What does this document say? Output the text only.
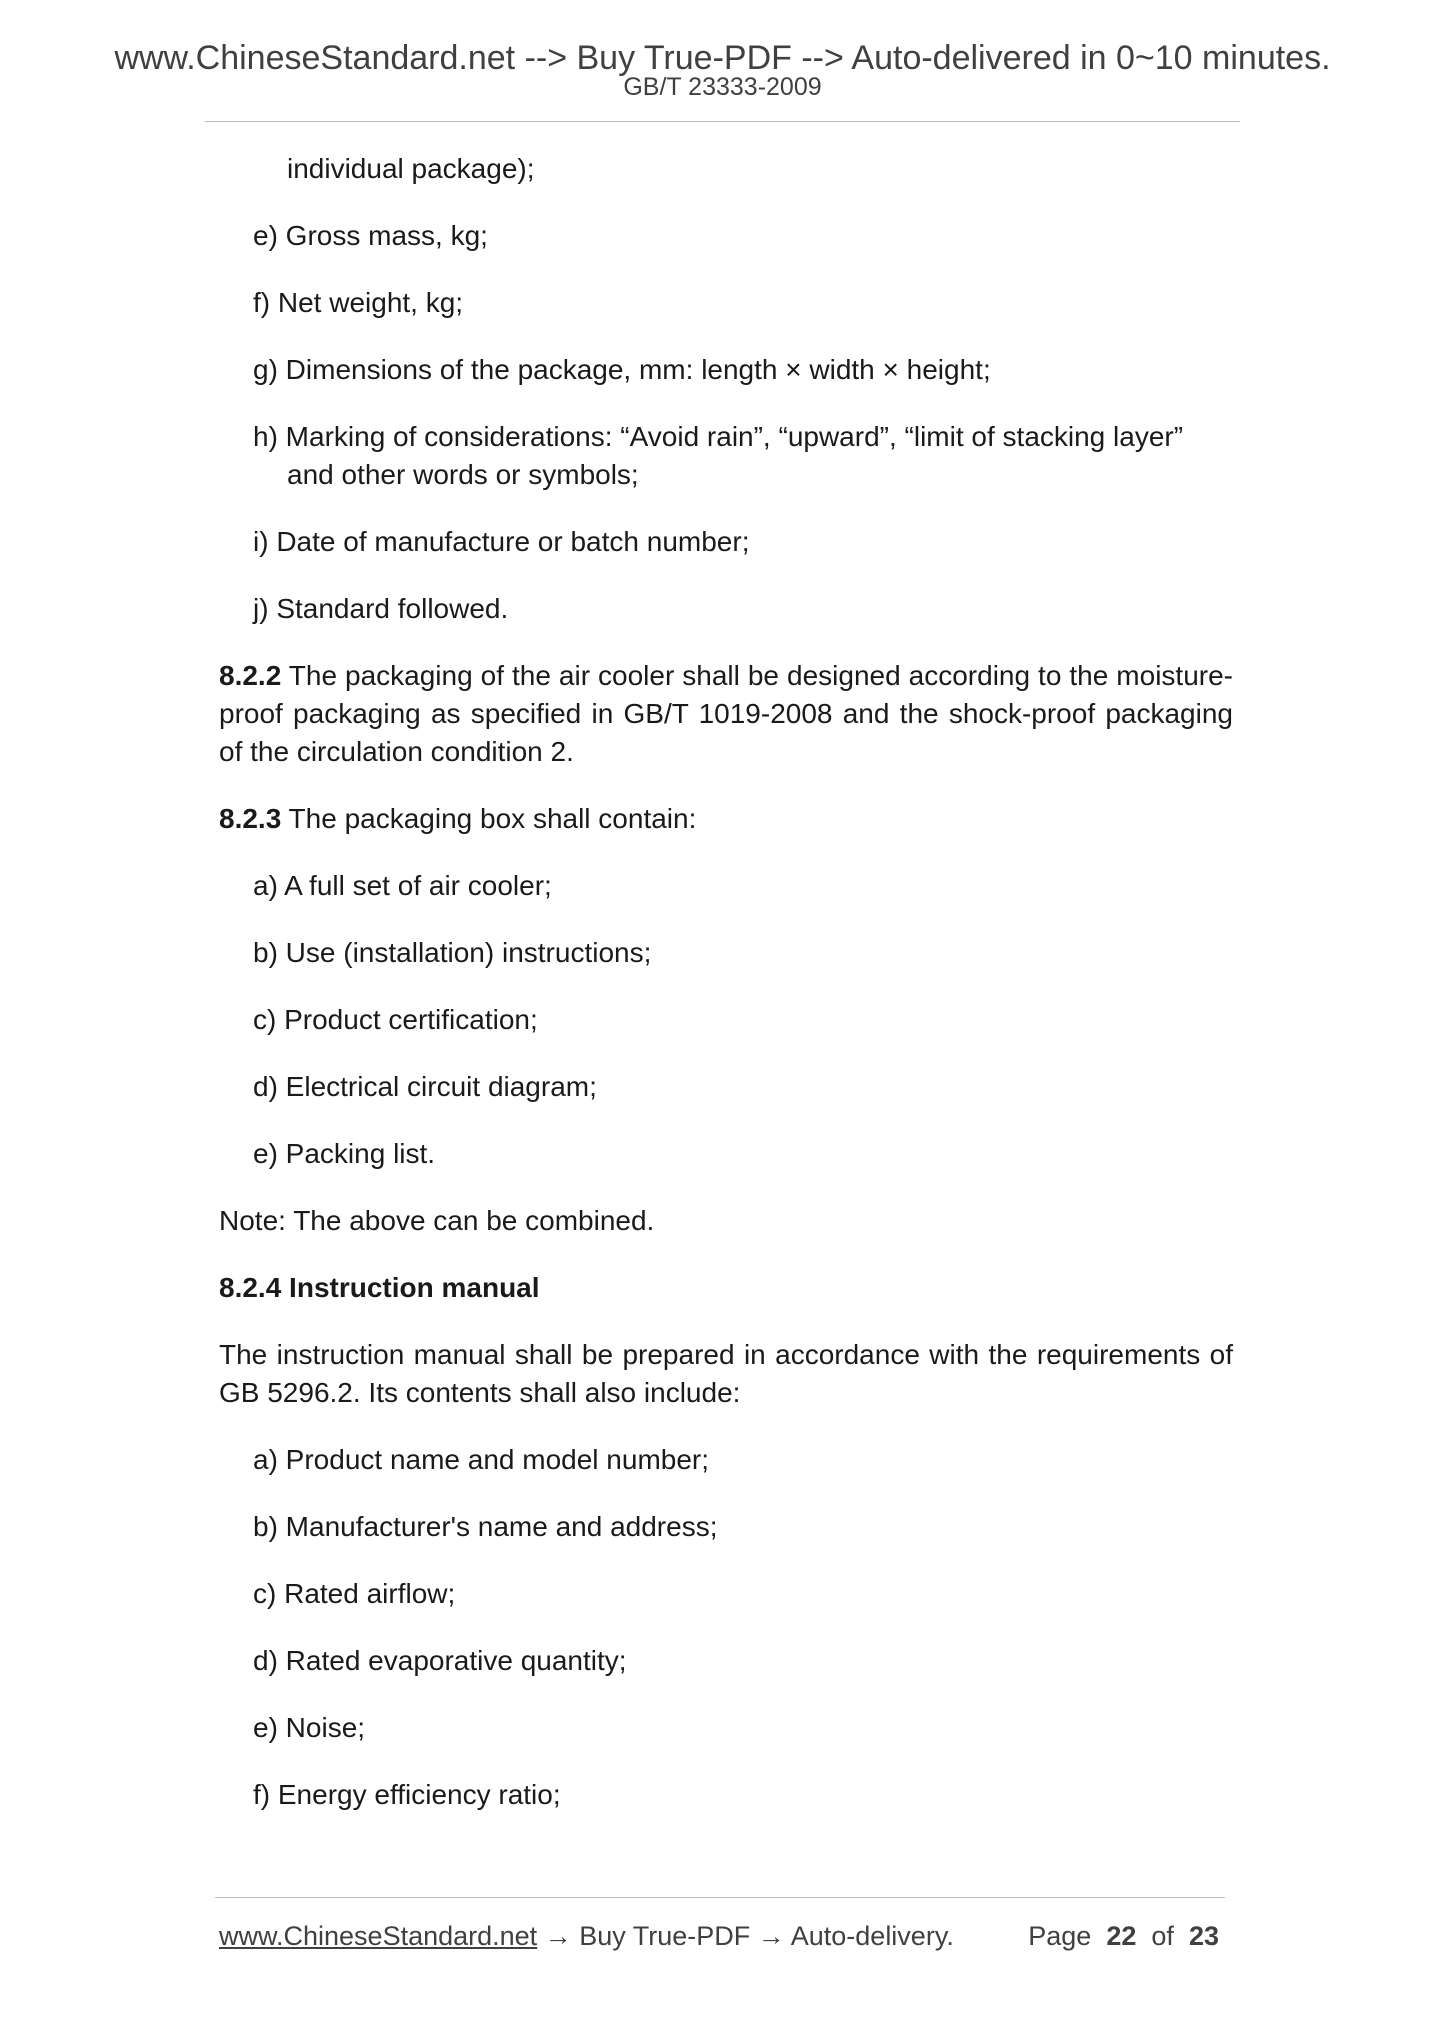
www.ChineseStandard.net --> Buy True-PDF --> Auto-delivered in 0~10 minutes.
GB/T 23333-2009

individual package);

e) Gross mass, kg;

f) Net weight, kg;

g) Dimensions of the package, mm: length × width × height;

h) Marking of considerations: “Avoid rain”, “upward”, “limit of stacking layer” and other words or symbols;

i) Date of manufacture or batch number;

j) Standard followed.

8.2.2 The packaging of the air cooler shall be designed according to the moisture-proof packaging as specified in GB/T 1019-2008 and the shock-proof packaging of the circulation condition 2.

8.2.3 The packaging box shall contain:

a) A full set of air cooler;

b) Use (installation) instructions;

c) Product certification;

d) Electrical circuit diagram;

e) Packing list.

Note: The above can be combined.

8.2.4 Instruction manual

The instruction manual shall be prepared in accordance with the requirements of GB 5296.2. Its contents shall also include:

a) Product name and model number;

b) Manufacturer's name and address;

c) Rated airflow;

d) Rated evaporative quantity;

e) Noise;

f) Energy efficiency ratio;

www.ChineseStandard.net → Buy True-PDF → Auto-delivery.	Page 22 of 23
